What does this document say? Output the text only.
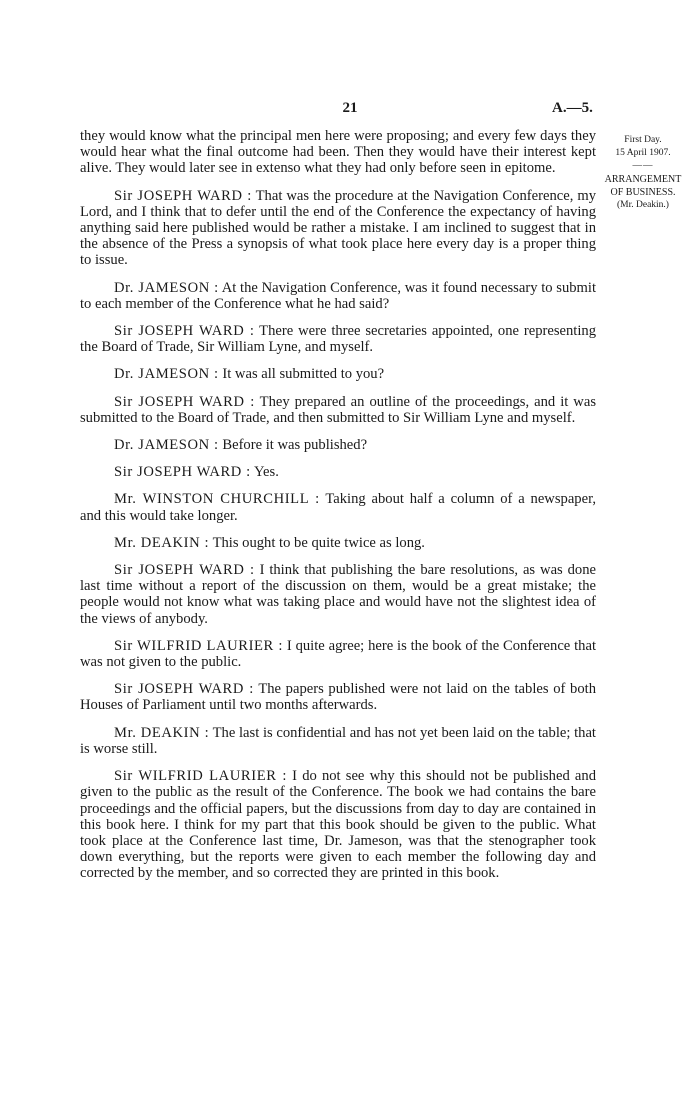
21	A.—5.
First Day.
15 April 1907.
——
ARRANGEMENT
OF BUSINESS.
(Mr. Deakin.)

they would know what the principal men here were proposing; and every few days they would hear what the final outcome had been. Then they would have their interest kept alive. They would later see in extenso what they had only before seen in epitome.

Sir JOSEPH WARD : That was the procedure at the Navigation Conference, my Lord, and I think that to defer until the end of the Conference the expectancy of having anything said here published would be rather a mistake. I am inclined to suggest that in the absence of the Press a synopsis of what took place here every day is a proper thing to issue.

Dr. JAMESON : At the Navigation Conference, was it found necessary to submit to each member of the Conference what he had said?

Sir JOSEPH WARD : There were three secretaries appointed, one representing the Board of Trade, Sir William Lyne, and myself.

Dr. JAMESON : It was all submitted to you?

Sir JOSEPH WARD : They prepared an outline of the proceedings, and it was submitted to the Board of Trade, and then submitted to Sir William Lyne and myself.

Dr. JAMESON : Before it was published?

Sir JOSEPH WARD : Yes.

Mr. WINSTON CHURCHILL : Taking about half a column of a newspaper, and this would take longer.

Mr. DEAKIN : This ought to be quite twice as long.

Sir JOSEPH WARD : I think that publishing the bare resolutions, as was done last time without a report of the discussion on them, would be a great mistake; the people would not know what was taking place and would have not the slightest idea of the views of anybody.

Sir WILFRID LAURIER : I quite agree; here is the book of the Conference that was not given to the public.

Sir JOSEPH WARD : The papers published were not laid on the tables of both Houses of Parliament until two months afterwards.

Mr. DEAKIN : The last is confidential and has not yet been laid on the table; that is worse still.

Sir WILFRID LAURIER : I do not see why this should not be published and given to the public as the result of the Conference. The book we had contains the bare proceedings and the official papers, but the discussions from day to day are contained in this book here. I think for my part that this book should be given to the public. What took place at the Conference last time, Dr. Jameson, was that the stenographer took down everything, but the reports were given to each member the following day and corrected by the member, and so corrected they are printed in this book.
